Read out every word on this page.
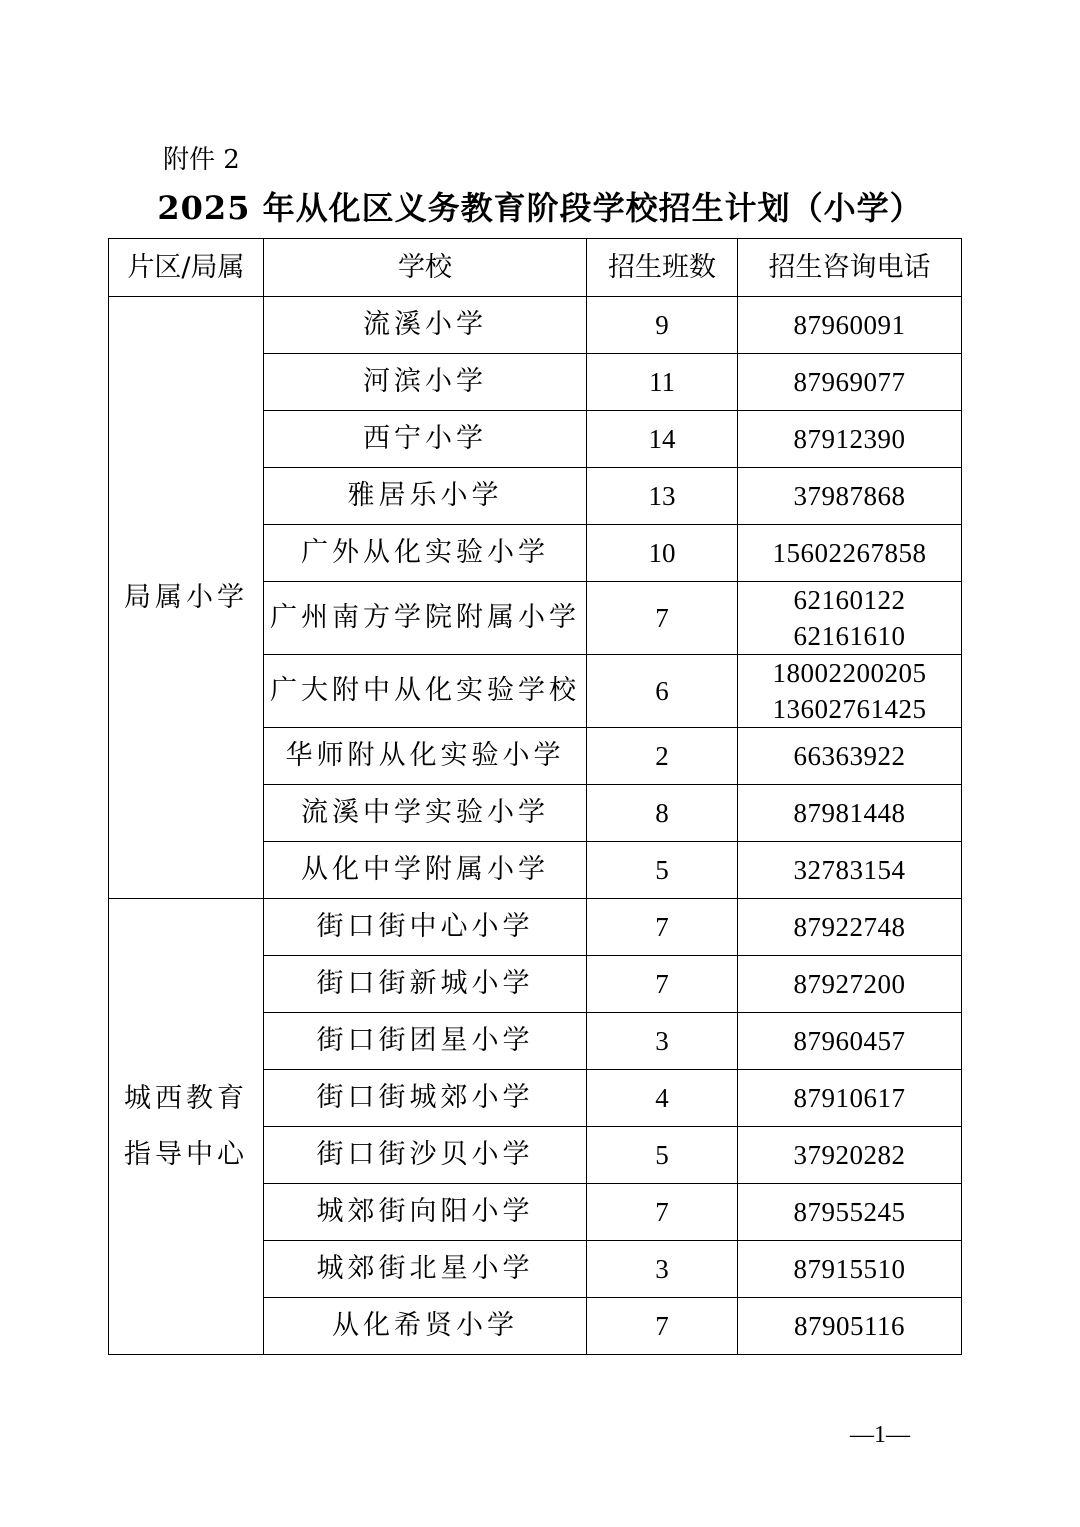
附件 2
2025 年从化区义务教育阶段学校招生计划（小学）
片区/局属	学校	招生班数	招生咨询电话

局属小学	流溪小学	9	87960091

	河滨小学	11	87969077

	西宁小学	14	87912390

	雅居乐小学	13	37987868

	广外从化实验小学	10	15602267858

	广州南方学院附属小学	7	62160122
62161610

	广大附中从化实验学校	6	18002200205
13602761425

	华师附从化实验小学	2	66363922

	流溪中学实验小学	8	87981448

	从化中学附属小学	5	32783154

城西教育
指导中心	街口街中心小学	7	87922748

	街口街新城小学	7	87927200

	街口街团星小学	3	87960457

	街口街城郊小学	4	87910617

	街口街沙贝小学	5	37920282

	城郊街向阳小学	7	87955245

	城郊街北星小学	3	87915510

	从化希贤小学	7	87905116
—1—
